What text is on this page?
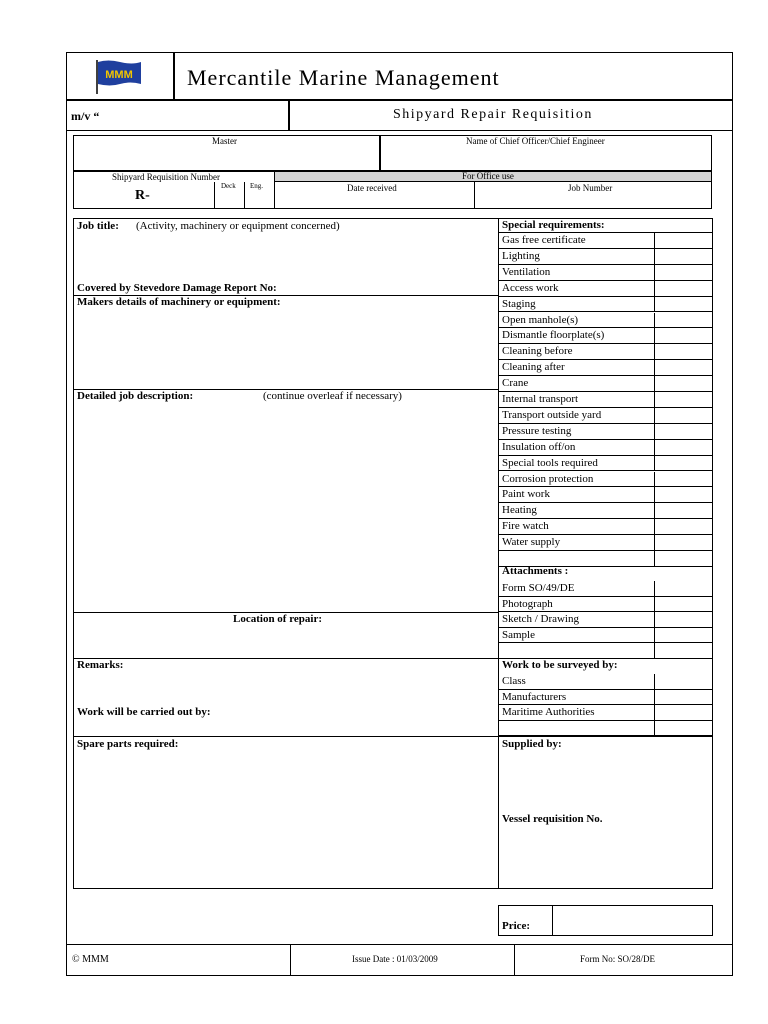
MMM Mercantile Marine Management
m/v “	Shipyard Repair Requisition
Master	Name of Chief Officer/Chief Engineer
Shipyard Requisition Number
R-
Deck Eng.
For Office use
Date received	Job Number
Job title: (Activity, machinery or equipment concerned)
Covered by Stevedore Damage Report No:
Makers details of machinery or equipment:
Detailed job description:	(continue overleaf if necessary)
Location of repair:
Remarks:
Work will be carried out by:
Spare parts required:
Special requirements:
Gas free certificate
Lighting
Ventilation
Access work
Staging
Open manhole(s)
Dismantle floorplate(s)
Cleaning before
Cleaning after
Crane
Internal transport
Transport outside yard
Pressure testing
Insulation off/on
Special tools required
Corrosion protection
Paint work
Heating
Fire watch
Water supply
Attachments :
Form SO/49/DE
Photograph
Sketch / Drawing
Sample
Work to be surveyed by:
Class
Manufacturers
Maritime Authorities
Supplied by:
Vessel requisition No.
Price:
© MMM	Issue Date : 01/03/2009	Form No: SO/28/DE
